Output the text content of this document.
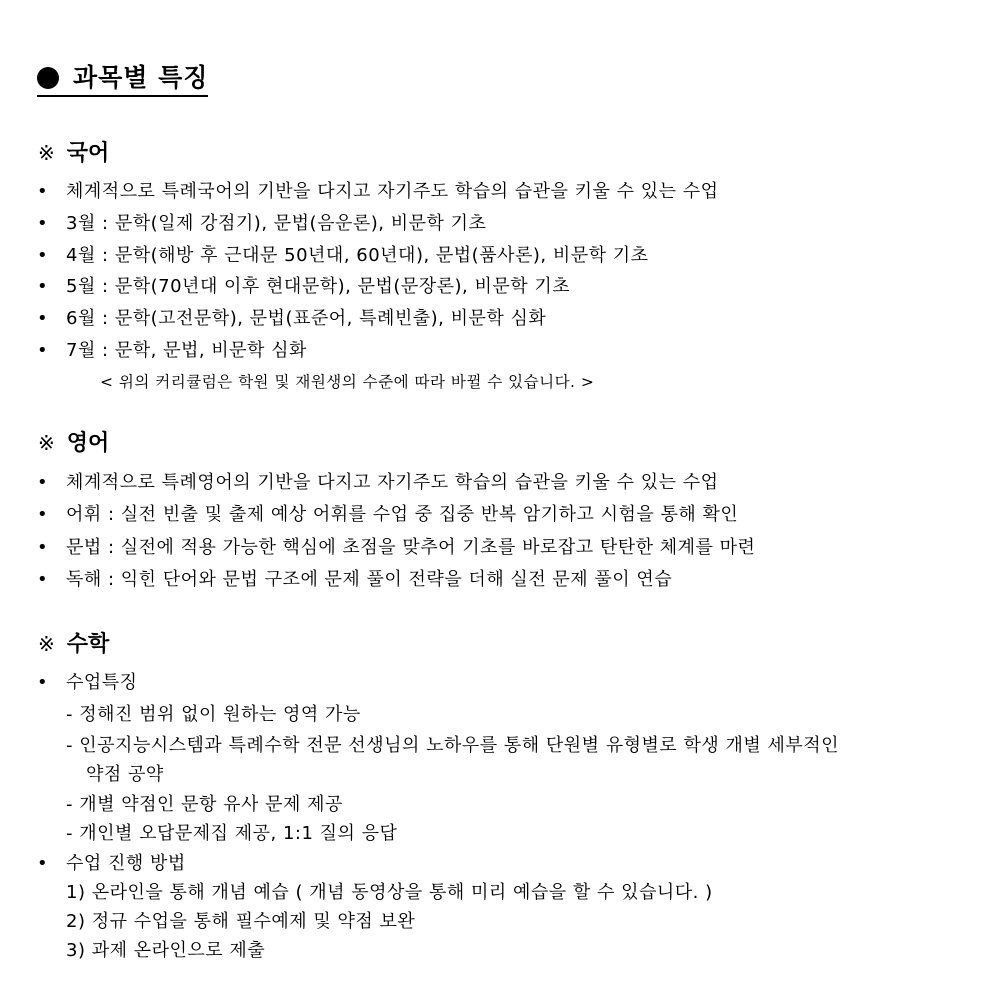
과목별 특징
※ 국어
• 체계적으로 특례국어의 기반을 다지고 자기주도 학습의 습관을 키울 수 있는 수업
• 3월 : 문학(일제 강점기), 문법(음운론), 비문학 기초
• 4월 : 문학(해방 후 근대문 50년대, 60년대), 문법(품사론), 비문학 기초
• 5월 : 문학(70년대 이후 현대문학), 문법(문장론), 비문학 기초
• 6월 : 문학(고전문학), 문법(표준어, 특례빈출), 비문학 심화
• 7월 : 문학, 문법, 비문학 심화
< 위의 커리큘럼은 학원 및 재원생의 수준에 따라 바뀔 수 있습니다. >
※ 영어
• 체계적으로 특례영어의 기반을 다지고 자기주도 학습의 습관을 키울 수 있는 수업
• 어휘 : 실전 빈출 및 출제 예상 어휘를 수업 중 집중 반복 암기하고 시험을 통해 확인
• 문법 : 실전에 적용 가능한 핵심에 초점을 맞추어 기초를 바로잡고 탄탄한 체계를 마련
• 독해 : 익힌 단어와 문법 구조에 문제 풀이 전략을 더해 실전 문제 풀이 연습
※ 수학
• 수업특징
- 정해진 범위 없이 원하는 영역 가능
- 인공지능시스템과 특례수학 전문 선생님의 노하우를 통해 단원별 유형별로 학생 개별 세부적인
약점 공약
- 개별 약점인 문항 유사 문제 제공
- 개인별 오답문제집 제공, 1:1 질의 응답
• 수업 진행 방법
1) 온라인을 통해 개념 예습 ( 개념 동영상을 통해 미리 예습을 할 수 있습니다. )
2) 정규 수업을 통해 필수예제 및 약점 보완
3) 과제 온라인으로 제출
